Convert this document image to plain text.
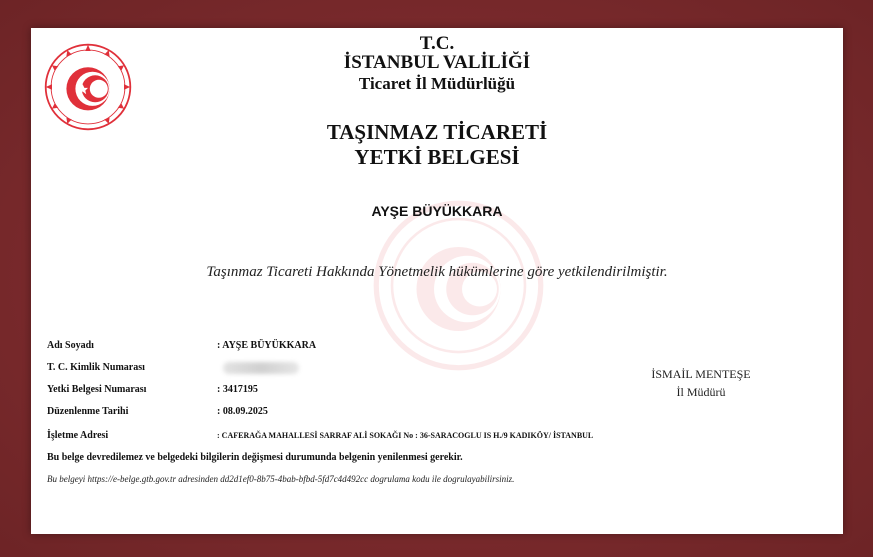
T.C.
İSTANBUL VALİLİĞİ
Ticaret İl Müdürlüğü
TAŞINMAZ TİCARETİ
YETKİ BELGESİ
AYŞE BÜYÜKKARA
Taşınmaz Ticareti Hakkında Yönetmelik hükümlerine göre yetkilendirilmiştir.
Adı Soyadı	: AYŞE BÜYÜKKARA
T. C. Kimlik Numarası
Yetki Belgesi Numarası	: 3417195
Düzenlenme Tarihi	: 08.09.2025
İşletme Adresi	: CAFERAĞA MAHALLESİ SARRAF ALİ SOKAĞI No : 36-SARACOGLU IS H./9 KADIKÖY/ İSTANBUL
Bu belge devredilemez ve belgedeki bilgilerin değişmesi durumunda belgenin yenilenmesi gerekir.
Bu belgeyi https://e-belge.gtb.gov.tr adresinden dd2d1ef0-8b75-4bab-bfbd-5fd7c4d492cc dogrulama kodu ile dogrulayabilirsiniz.
İSMAİL MENTEŞE
İl Müdürü
